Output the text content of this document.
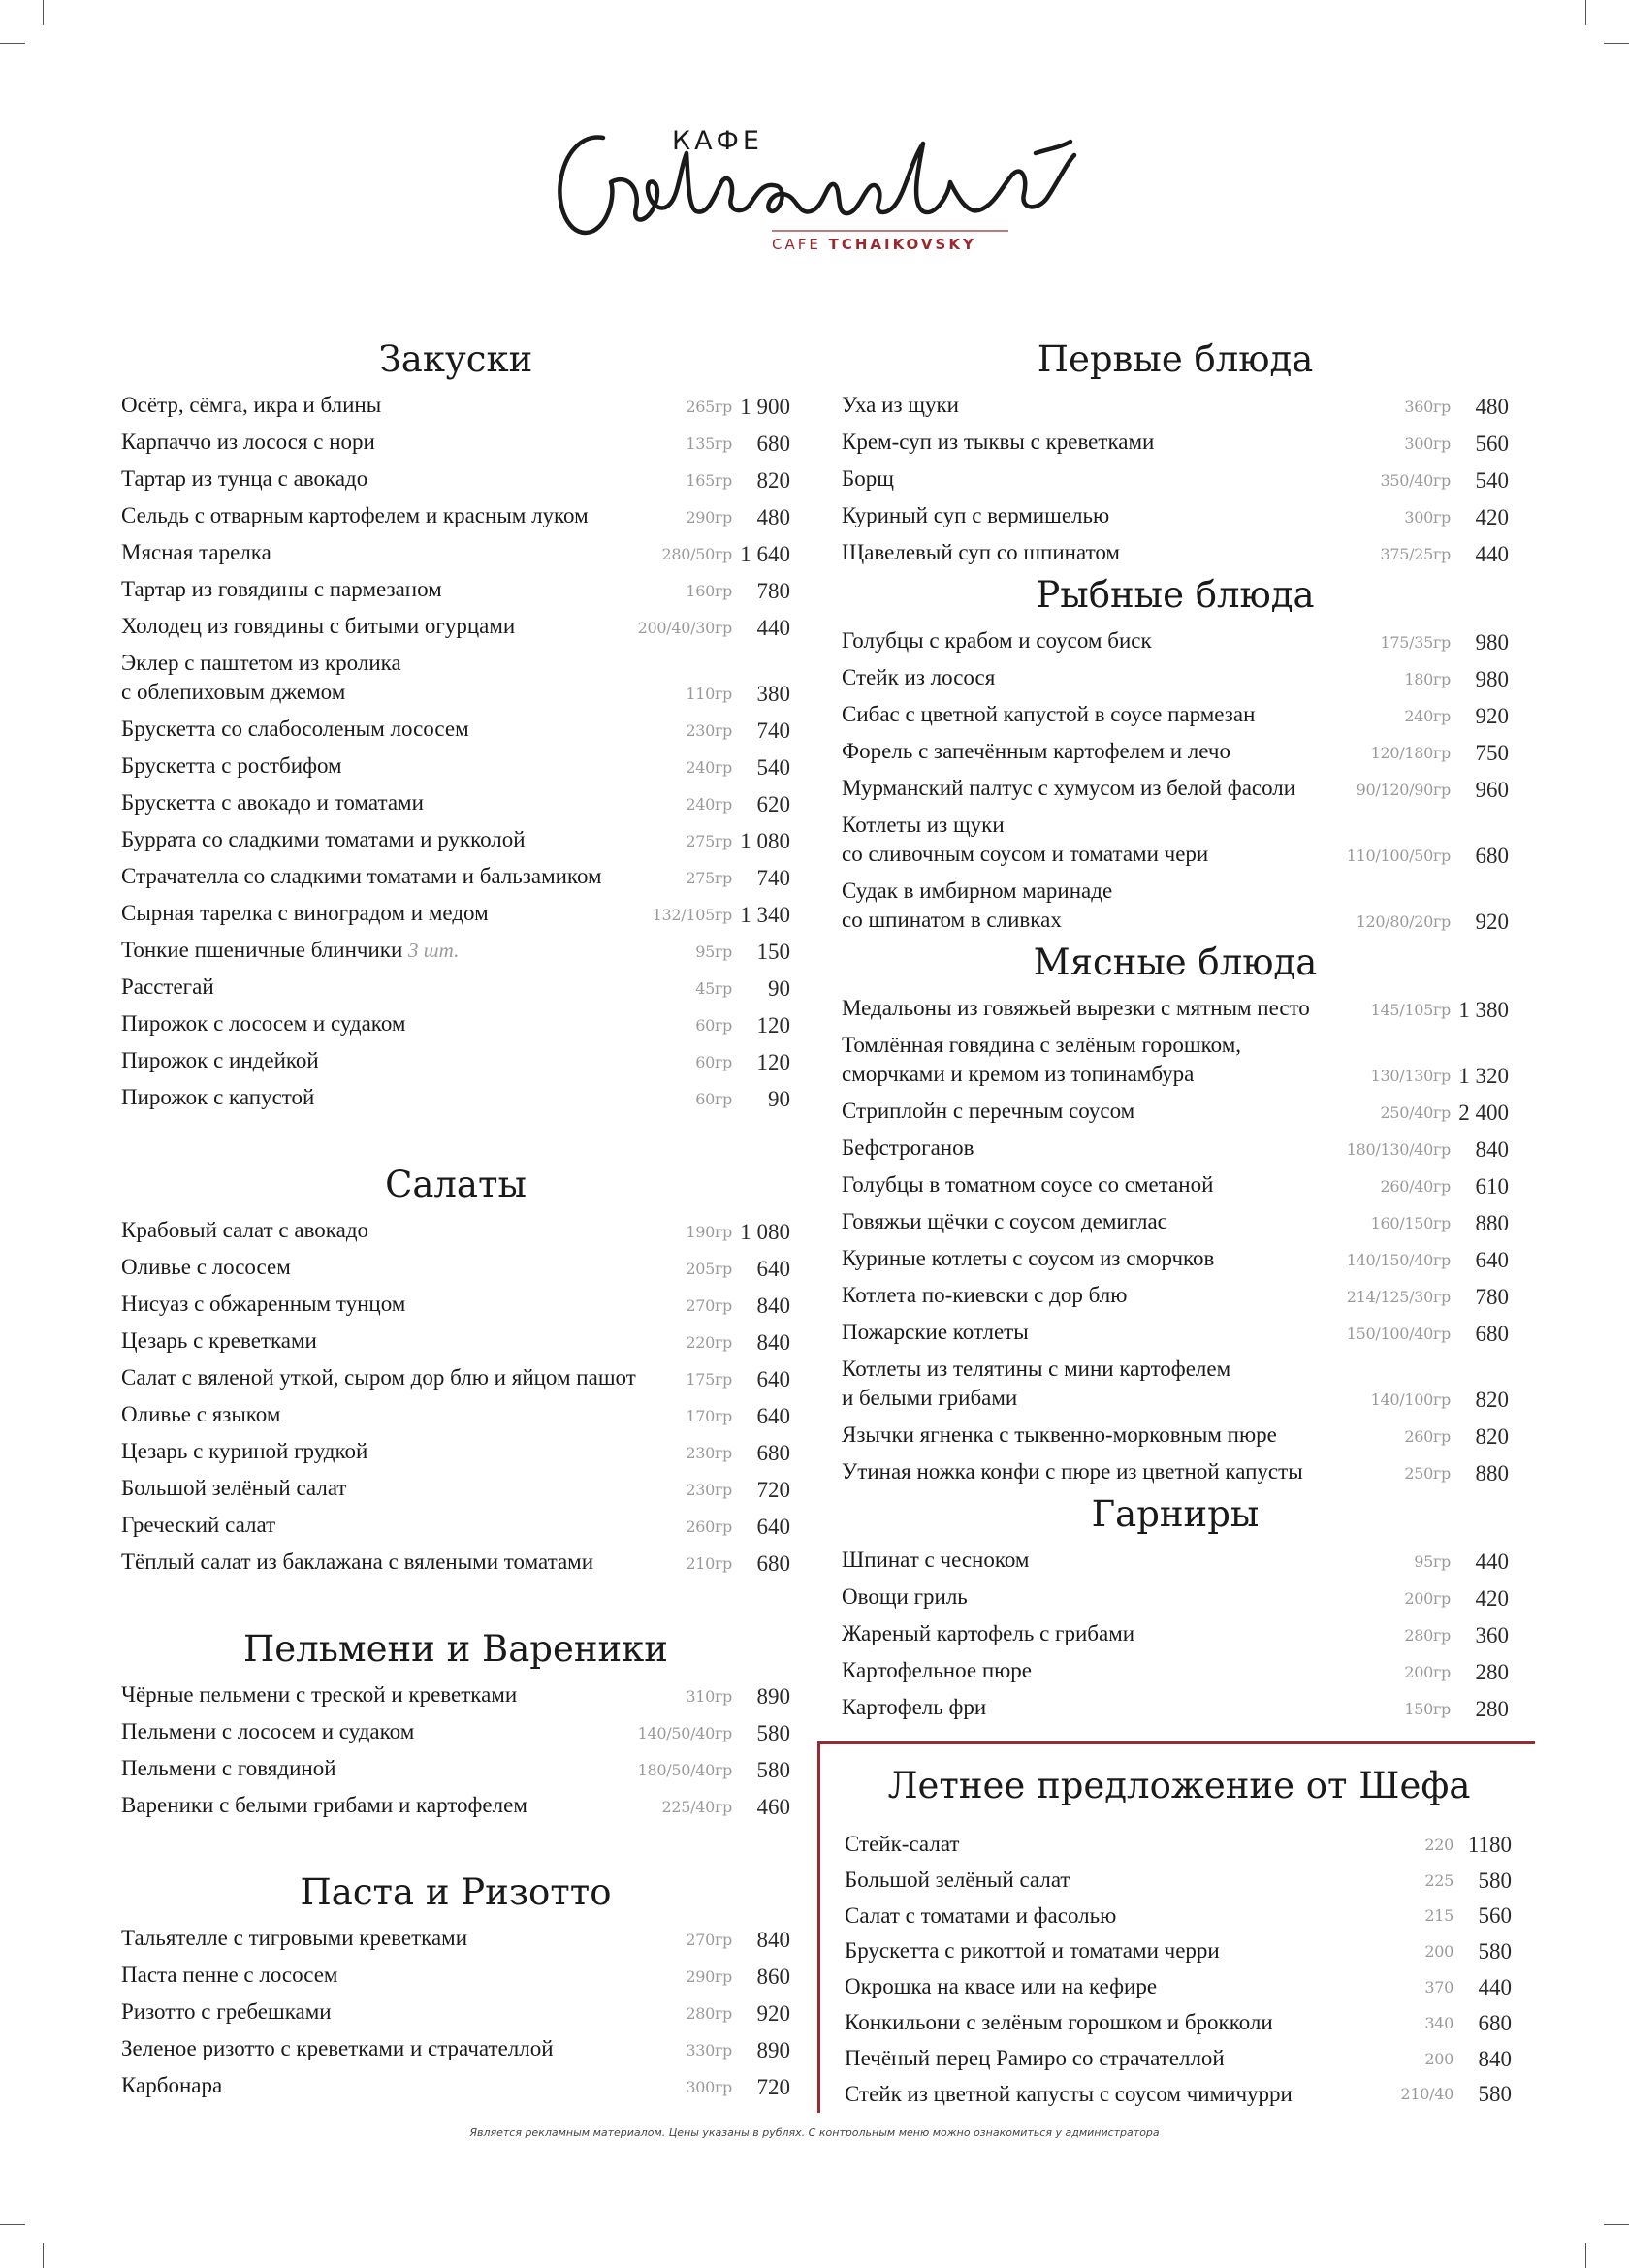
КАФЕ
CAFE TCHAIKOVSKY
Закуски
Осётр, сёмга, икра и блины	265гр 1 900
Карпаччо из лосося с нори	135гр 680
Тартар из тунца с авокадо	165гр 820
Сельдь с отварным картофелем и красным луком	290гр 480
Мясная тарелка	280/50гр 1 640
Тартар из говядины с пармезаном	160гр 780
Холодец из говядины с битыми огурцами	200/40/30гр 440
Эклер с паштетом из кролика
с облепиховым джемом	110гр 380
Брускетта со слабосоленым лососем	230гр 740
Брускетта с ростбифом	240гр 540
Брускетта с авокадо и томатами	240гр 620
Буррата со сладкими томатами и рукколой	275гр 1 080
Страчателла со сладкими томатами и бальзамиком	275гр 740
Сырная тарелка с виноградом и медом	132/105гр 1 340
Тонкие пшеничные блинчики 3 шт.	95гр 150
Расстегай	45гр 90
Пирожок с лососем и судаком	60гр 120
Пирожок с индейкой	60гр 120
Пирожок с капустой	60гр 90
Салаты
Крабовый салат с авокадо	190гр 1 080
Оливье с лососем	205гр 640
Нисуаз с обжаренным тунцом	270гр 840
Цезарь с креветками	220гр 840
Салат с вяленой уткой, сыром дор блю и яйцом пашот	175гр 640
Оливье с языком	170гр 640
Цезарь с куриной грудкой	230гр 680
Большой зелёный салат	230гр 720
Греческий салат	260гр 640
Тёплый салат из баклажана с вялеными томатами	210гр 680
Пельмени и Вареники
Чёрные пельмени с треской и креветками	310гр 890
Пельмени с лососем и судаком	140/50/40гр 580
Пельмени с говядиной	180/50/40гр 580
Вареники с белыми грибами и картофелем	225/40гр 460
Паста и Ризотто
Тальятелле с тигровыми креветками	270гр 840
Паста пенне с лососем	290гр 860
Ризотто с гребешками	280гр 920
Зеленое ризотто с креветками и страчателлой	330гр 890
Карбонара	300гр 720
Первые блюда
Уха из щуки	360гр 480
Крем-суп из тыквы с креветками	300гр 560
Борщ	350/40гр 540
Куриный суп с вермишелью	300гр 420
Щавелевый суп со шпинатом	375/25гр 440
Рыбные блюда
Голубцы с крабом и соусом биск	175/35гр 980
Стейк из лосося	180гр 980
Сибас с цветной капустой в соусе пармезан	240гр 920
Форель с запечённым картофелем и лечо	120/180гр 750
Мурманский палтус с хумусом из белой фасоли	90/120/90гр 960
Котлеты из щуки
со сливочным соусом и томатами чери	110/100/50гр 680
Судак в имбирном маринаде
со шпинатом в сливках	120/80/20гр 920
Мясные блюда
Медальоны из говяжьей вырезки с мятным песто	145/105гр 1 380
Томлённая говядина с зелёным горошком,
сморчками и кремом из топинамбура	130/130гр 1 320
Стриплойн с перечным соусом	250/40гр 2 400
Бефстроганов	180/130/40гр 840
Голубцы в томатном соусе со сметаной	260/40гр 610
Говяжьи щёчки с соусом демиглас	160/150гр 880
Куриные котлеты с соусом из сморчков	140/150/40гр 640
Котлета по-киевски с дор блю	214/125/30гр 780
Пожарские котлеты	150/100/40гр 680
Котлеты из телятины с мини картофелем
и белыми грибами	140/100гр 820
Язычки ягненка с тыквенно-морковным пюре	260гр 820
Утиная ножка конфи с пюре из цветной капусты	250гр 880
Гарниры
Шпинат с чесноком	95гр 440
Овощи гриль	200гр 420
Жареный картофель с грибами	280гр 360
Картофельное пюре	200гр 280
Картофель фри	150гр 280
Летнее предложение от Шефа
Стейк-салат	220 1180
Большой зелёный салат	225 580
Салат с томатами и фасолью	215 560
Брускетта с рикоттой и томатами черри	200 580
Окрошка на квасе или на кефире	370 440
Конкильони с зелёным горошком и брокколи	340 680
Печёный перец Рамиро со страчателлой	200 840
Стейк из цветной капусты с соусом чимичурри	210/40 580
Является рекламным материалом. Цены указаны в рублях. С контрольным меню можно ознакомиться у администратора
